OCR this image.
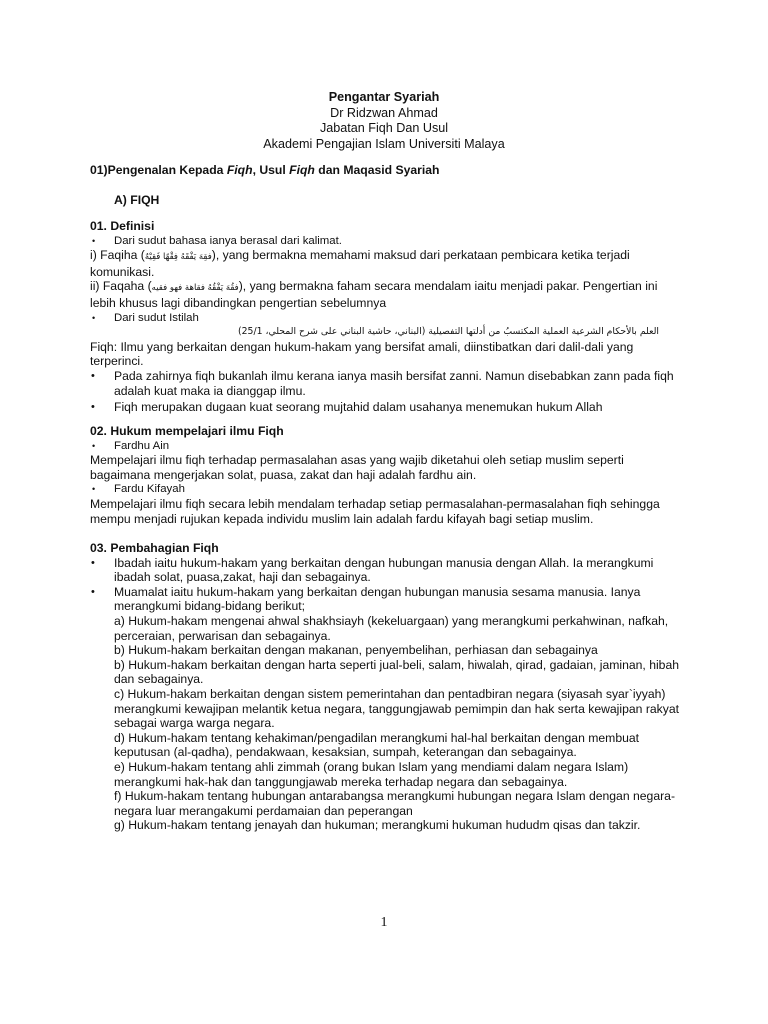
Pengantar Syariah
Dr Ridzwan Ahmad
Jabatan Fiqh Dan Usul
Akademi Pengajian Islam Universiti Malaya
01)Pengenalan Kepada Fiqh, Usul Fiqh dan Maqasid Syariah
A) FIQH
01. Definisi
• Dari sudut bahasa ianya berasal dari kalimat.
i) Faqiha (فقِهَ يَفْقَهُ فِقْهًا فَقِيْهٌ), yang bermakna memahami maksud dari perkataan pembicara ketika terjadi komunikasi.
ii) Faqaha (فقُهَ يَفْقُهُ فقاهة فهو فقيه), yang bermakna faham secara mendalam iaitu menjadi pakar. Pengertian ini lebih khusus lagi dibandingkan pengertian sebelumnya
• Dari sudut Istilah
العلم بالأحكام الشرعية العملية المكتسبُ من أدلتها التفصيلية (البناني، حاشية البناني على شرح المحلي، 25/1)
Fiqh: Ilmu yang berkaitan dengan hukum-hakam yang bersifat amali, diinstibatkan dari dalil-dali yang terperinci.
• Pada zahirnya fiqh bukanlah ilmu kerana ianya masih bersifat zanni. Namun disebabkan zann pada fiqh adalah kuat maka ia dianggap ilmu.
• Fiqh merupakan dugaan kuat seorang mujtahid dalam usahanya menemukan hukum Allah
02. Hukum mempelajari ilmu Fiqh
• Fardhu Ain
Mempelajari ilmu fiqh terhadap permasalahan asas yang wajib diketahui oleh setiap muslim seperti bagaimana mengerjakan solat, puasa, zakat dan haji adalah fardhu ain.
• Fardu Kifayah
Mempelajari ilmu fiqh secara lebih mendalam terhadap setiap permasalahan-permasalahan fiqh sehingga mempu menjadi rujukan kepada individu muslim lain adalah fardu kifayah bagi setiap muslim.
03. Pembahagian Fiqh
• Ibadah iaitu hukum-hakam yang berkaitan dengan hubungan manusia dengan Allah. Ia merangkumi ibadah solat, puasa,zakat, haji dan sebagainya.
• Muamalat iaitu hukum-hakam yang berkaitan dengan hubungan manusia sesama manusia. Ianya merangkumi bidang-bidang berikut;
a) Hukum-hakam mengenai ahwal shakhsiayh (kekeluargaan) yang merangkumi perkahwinan, nafkah, perceraian, perwarisan dan sebagainya.
b) Hukum-hakam berkaitan dengan makanan, penyembelihan, perhiasan dan sebagainya
b) Hukum-hakam berkaitan dengan harta seperti jual-beli, salam, hiwalah, qirad, gadaian, jaminan, hibah dan sebagainya.
c) Hukum-hakam berkaitan dengan sistem pemerintahan dan pentadbiran negara (siyasah syar`iyyah) merangkumi kewajipan melantik ketua negara, tanggungjawab pemimpin dan hak serta kewajipan rakyat sebagai warga warga negara.
d) Hukum-hakam tentang kehakiman/pengadilan merangkumi hal-hal berkaitan dengan membuat keputusan (al-qadha), pendakwaan, kesaksian, sumpah, keterangan dan sebagainya.
e) Hukum-hakam tentang ahli zimmah (orang bukan Islam yang mendiami dalam negara Islam) merangkumi hak-hak dan tanggungjawab mereka terhadap negara dan sebagainya.
f) Hukum-hakam tentang hubungan antarabangsa merangkumi hubungan negara Islam dengan negara-negara luar merangakumi perdamaian dan peperangan
g) Hukum-hakam tentang jenayah dan hukuman; merangkumi hukuman hududm qisas dan takzir.
1
